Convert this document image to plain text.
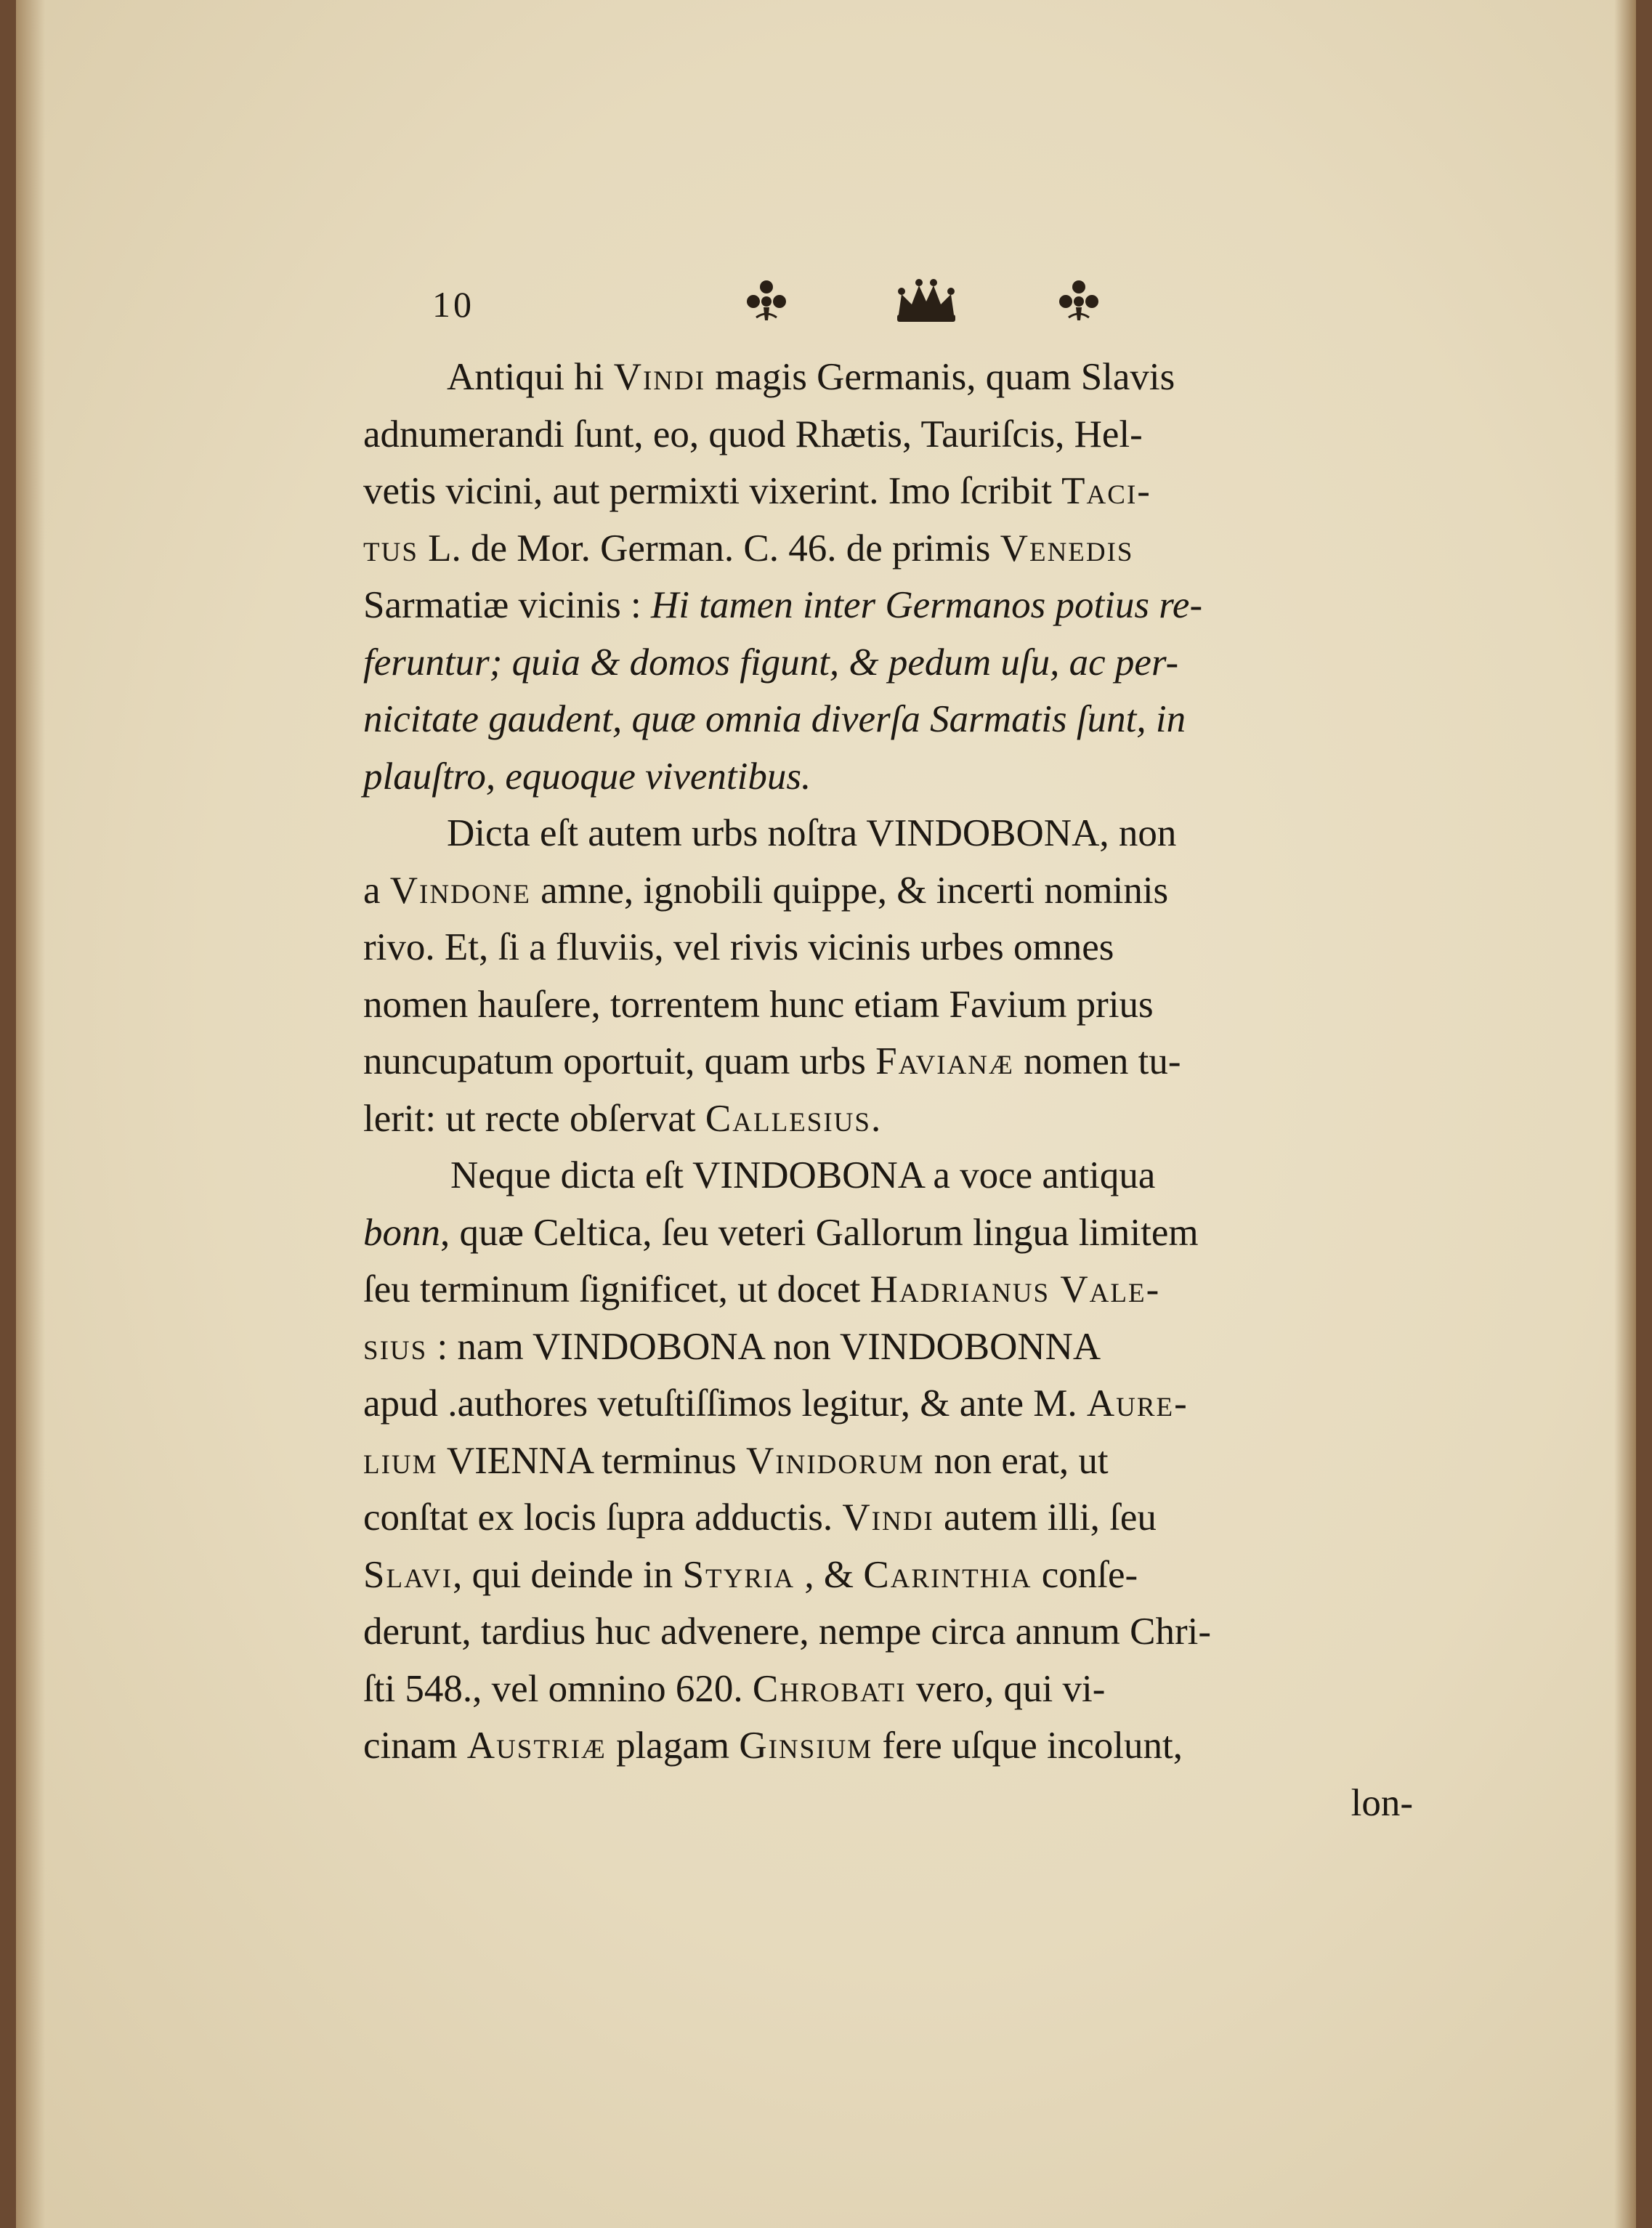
10
Antiqui hi Vindi magis Germanis, quam Slavis
adnumerandi ſunt, eo, quod Rhætis, Tauriſcis, Hel-
vetis vicini, aut permixti vixerint. Imo ſcribit Taci-
tus L. de Mor. German. C. 46. de primis Venedis
Sarmatiæ vicinis : Hi tamen inter Germanos potius re-
feruntur; quia & domos figunt, & pedum uſu, ac per-
nicitate gaudent, quæ omnia diverſa Sarmatis ſunt, in
plauſtro, equoque viventibus.
Dicta eſt autem urbs noſtra VINDOBONA, non
a Vindone amne, ignobili quippe, & incerti nominis
rivo. Et, ſi a fluviis, vel rivis vicinis urbes omnes
nomen hauſere, torrentem hunc etiam Favium prius
nuncupatum oportuit, quam urbs Favianæ nomen tu-
lerit: ut recte obſervat Callesius.
Neque dicta eſt VINDOBONA a voce antiqua
bonn, quæ Celtica, ſeu veteri Gallorum lingua limitem
ſeu terminum ſignificet, ut docet Hadrianus Vale-
sius : nam VINDOBONA non VINDOBONNA
apud .authores vetuſtiſſimos legitur, & ante M. Aure-
lium VIENNA terminus Vinidorum non erat, ut
conſtat ex locis ſupra adductis. Vindi autem illi, ſeu
Slavi, qui deinde in Styria , & Carinthia conſe-
derunt, tardius huc advenere, nempe circa annum Chri-
ſti 548., vel omnino 620. Chrobati vero, qui vi-
cinam Austriæ plagam Ginsium fere uſque incolunt,
lon-
